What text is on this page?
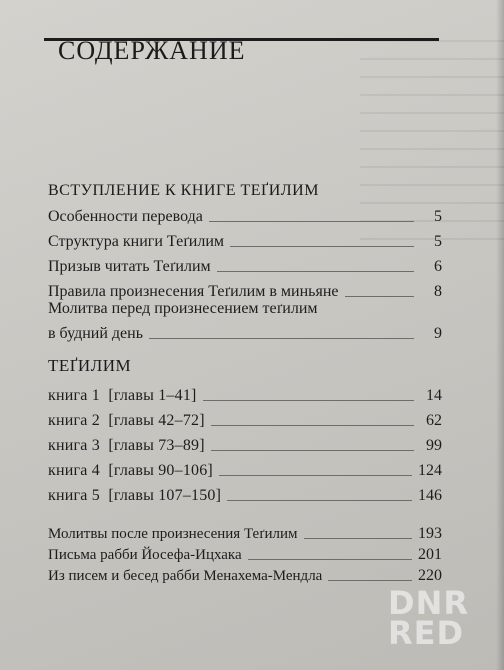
СОДЕРЖАНИЕ
ВСТУПЛЕНИЕ К КНИГЕ ТЕҐИЛИМ
Особенности перевода	5
Структура книги Теґилим	5
Призыв читать Теґилим	6
Правила произнесения Теґилим в миньяне	8
Молитва перед произнесением теґилим
в будний день	9
ТЕҐИЛИМ
книга 1  [главы 1–41]	14
книга 2  [главы 42–72]	62
книга 3  [главы 73–89]	99
книга 4  [главы 90–106]	124
книга 5  [главы 107–150]	146
Молитвы после произнесения Теґилим	193
Письма рабби Йосефа-Ицхака	201
Из писем и бесед рабби Менахема-Мендла	220
DNR
RED
